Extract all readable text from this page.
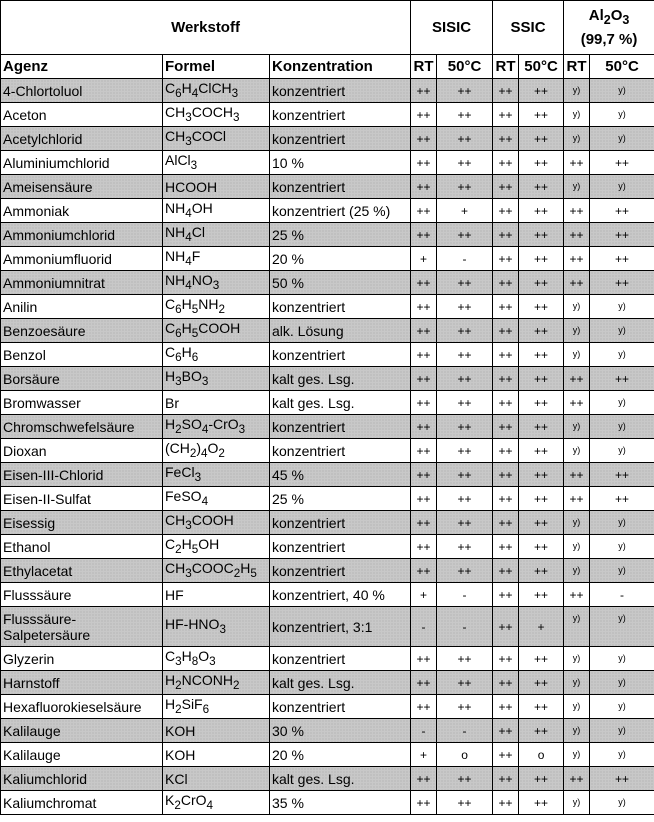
Werkstoff			SISIC		SSIC		$Al_2O_3$
(99,7 %)	
Agenz	Formel	Konzentration	RT	50°C	RT	50°C	RT	50°C
4-Chlortoluol	$C_6H_4ClCH_3$	konzentriert	++	++	++	++	y)	y)
Aceton	$CH_3COCH_3$	konzentriert	++	++	++	++	y)	y)
Acetylchlorid	$CH_3COCl$	konzentriert	++	++	++	++	y)	y)
Aluminiumchlorid	AlCl$_3$	10 %	++	++	++	++	++	++
Ameisensäure	HCOOH	konzentriert	++	++	++	++	y)	y)
Ammoniak	$NH_4OH$	konzentriert (25 %)	++	+	++	++	++	++
Ammoniumchlorid	$NH_4Cl$	25 %	++	++	++	++	++	++
Ammoniumfluorid	$NH_4F$	20 %	+	-	++	++	++	++
Ammoniumnitrat	$NH_4NO_3$	50 %	++	++	++	++	++	++
Anilin	$C_6H_5NH_2$	konzentriert	++	++	++	++	y)	y)
Benzoesäure	$C_6H_5COOH$	alk. Lösung	++	++	++	++	y)	y)
Benzol	$C_6H_6$	konzentriert	++	++	++	++	y)	y)
Borsäure	$H_3BO_3$	kalt ges. Lsg.	++	++	++	++	++	++
Bromwasser	Br	kalt ges. Lsg.	++	++	++	++	++	y)
Chromschwefelsäure	$H_2SO_4-CrO_3$	konzentriert	++	++	++	++	y)	y)
Dioxan	$(CH_2)_4O_2$	konzentriert	++	++	++	++	y)	y)
Eisen-III-Chlorid	FeCl$_3$	45 %	++	++	++	++	++	++
Eisen-II-Sulfat	FeSO$_4$	25 %	++	++	++	++	++	++
Eisessig	$CH_3COOH$	konzentriert	++	++	++	++	y)	y)
Ethanol	$C_2H_5OH$	konzentriert	++	++	++	++	y)	y)
Ethylacetat	$CH_3COOC_2H_5$	konzentriert	++	++	++	++	y)	y)
Flusssäure	HF	konzentriert, 40 %	+	-	++	++	++	-
Flusssäure-Salpetersäure	$HF-HNO_3$	konzentriert, 3:1	-	-	++	+	y)	y)
Glyzerin	$C_3H_8O_3$	konzentriert	++	++	++	++	y)	y)
Harnstoff	$H_2NCONH_2$	kalt ges. Lsg.	++	++	++	++	y)	y)
Hexafluorokieselsäure	$H_2SiF_6$	konzentriert	++	++	++	++	y)	y)
Kalilauge	KOH	30 %	-	-	++	++	y)	y)
Kalilauge	KOH	20 %	+	o	++	o	y)	y)
Kaliumchlorid	KCl	kalt ges. Lsg.	++	++	++	++	++	++
Kaliumchromat	$K_2CrO_4$	35 %	++	++	++	++	y)	y)
